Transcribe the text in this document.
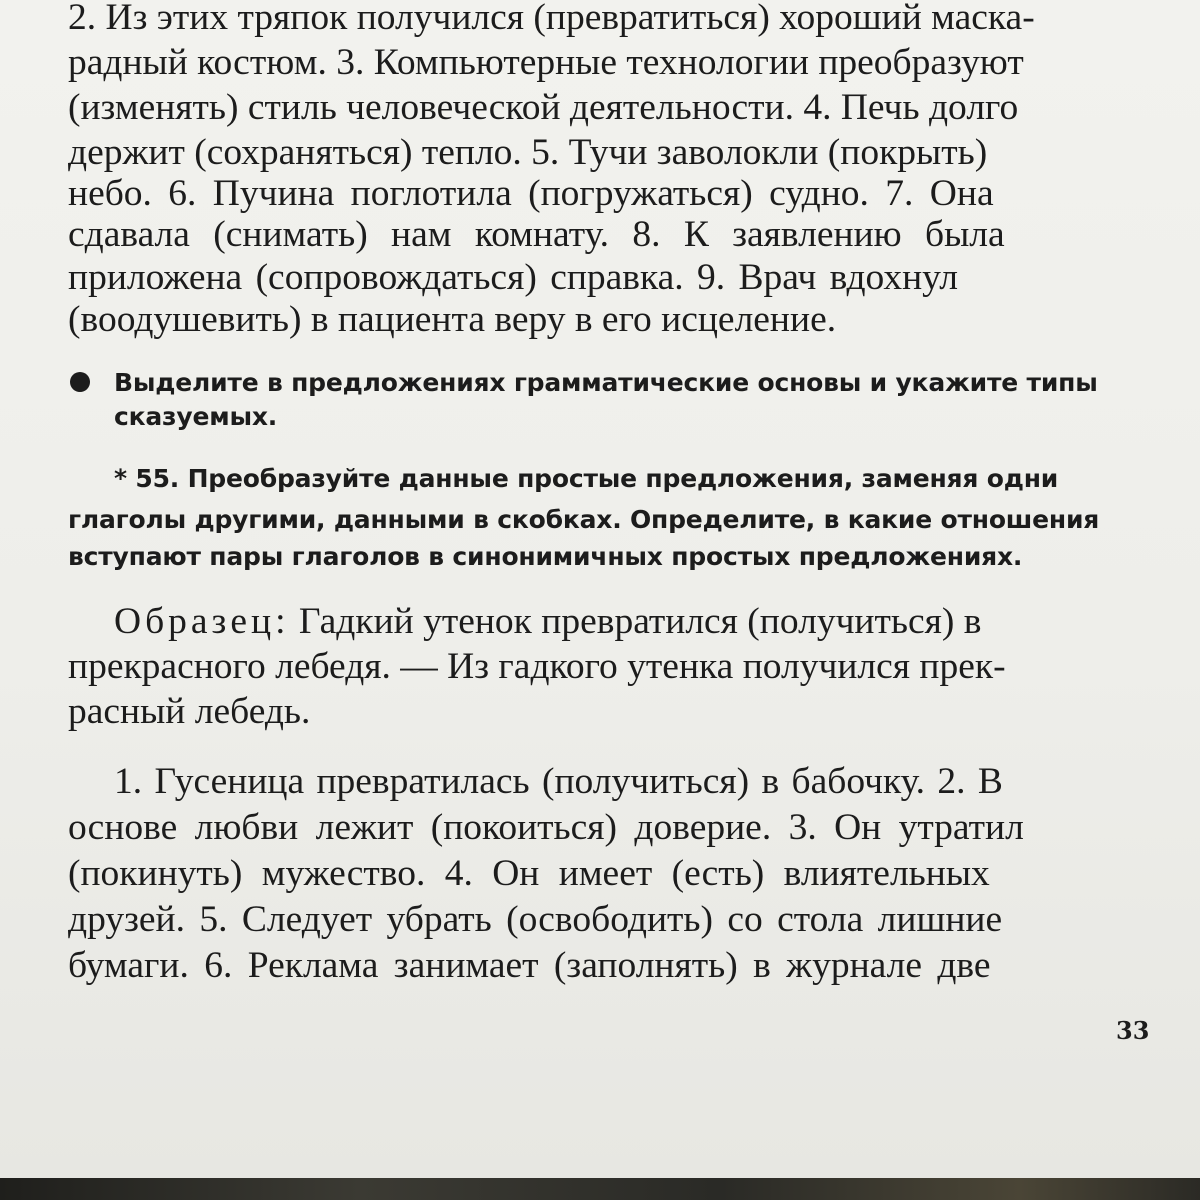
2. Из этих тряпок получился (превратиться) хороший маска-
радный костюм. 3. Компьютерные технологии преобразуют
(изменять) стиль человеческой деятельности. 4. Печь долго
держит (сохраняться) тепло. 5. Тучи заволокли (покрыть)
небо. 6. Пучина поглотила (погружаться) судно. 7. Она
сдавала (снимать) нам комнату. 8. К заявлению была
приложена (сопровождаться) справка. 9. Врач вдохнул
(воодушевить) в пациента веру в его исцеление.
Выделите в предложениях грамматические основы и укажите типы
сказуемых.
* 55. Преобразуйте данные простые предложения, заменяя одни
глаголы другими, данными в скобках. Определите, в какие отношения
вступают пары глаголов в синонимичных простых предложениях.
Образец: Гадкий утенок превратился (получиться) в
прекрасного лебедя. — Из гадкого утенка получился прек-
расный лебедь.
1. Гусеница превратилась (получиться) в бабочку. 2. В
основе любви лежит (покоиться) доверие. 3. Он утратил
(покинуть) мужество. 4. Он имеет (есть) влиятельных
друзей. 5. Следует убрать (освободить) со стола лишние
бумаги. 6. Реклама занимает (заполнять) в журнале две
33
